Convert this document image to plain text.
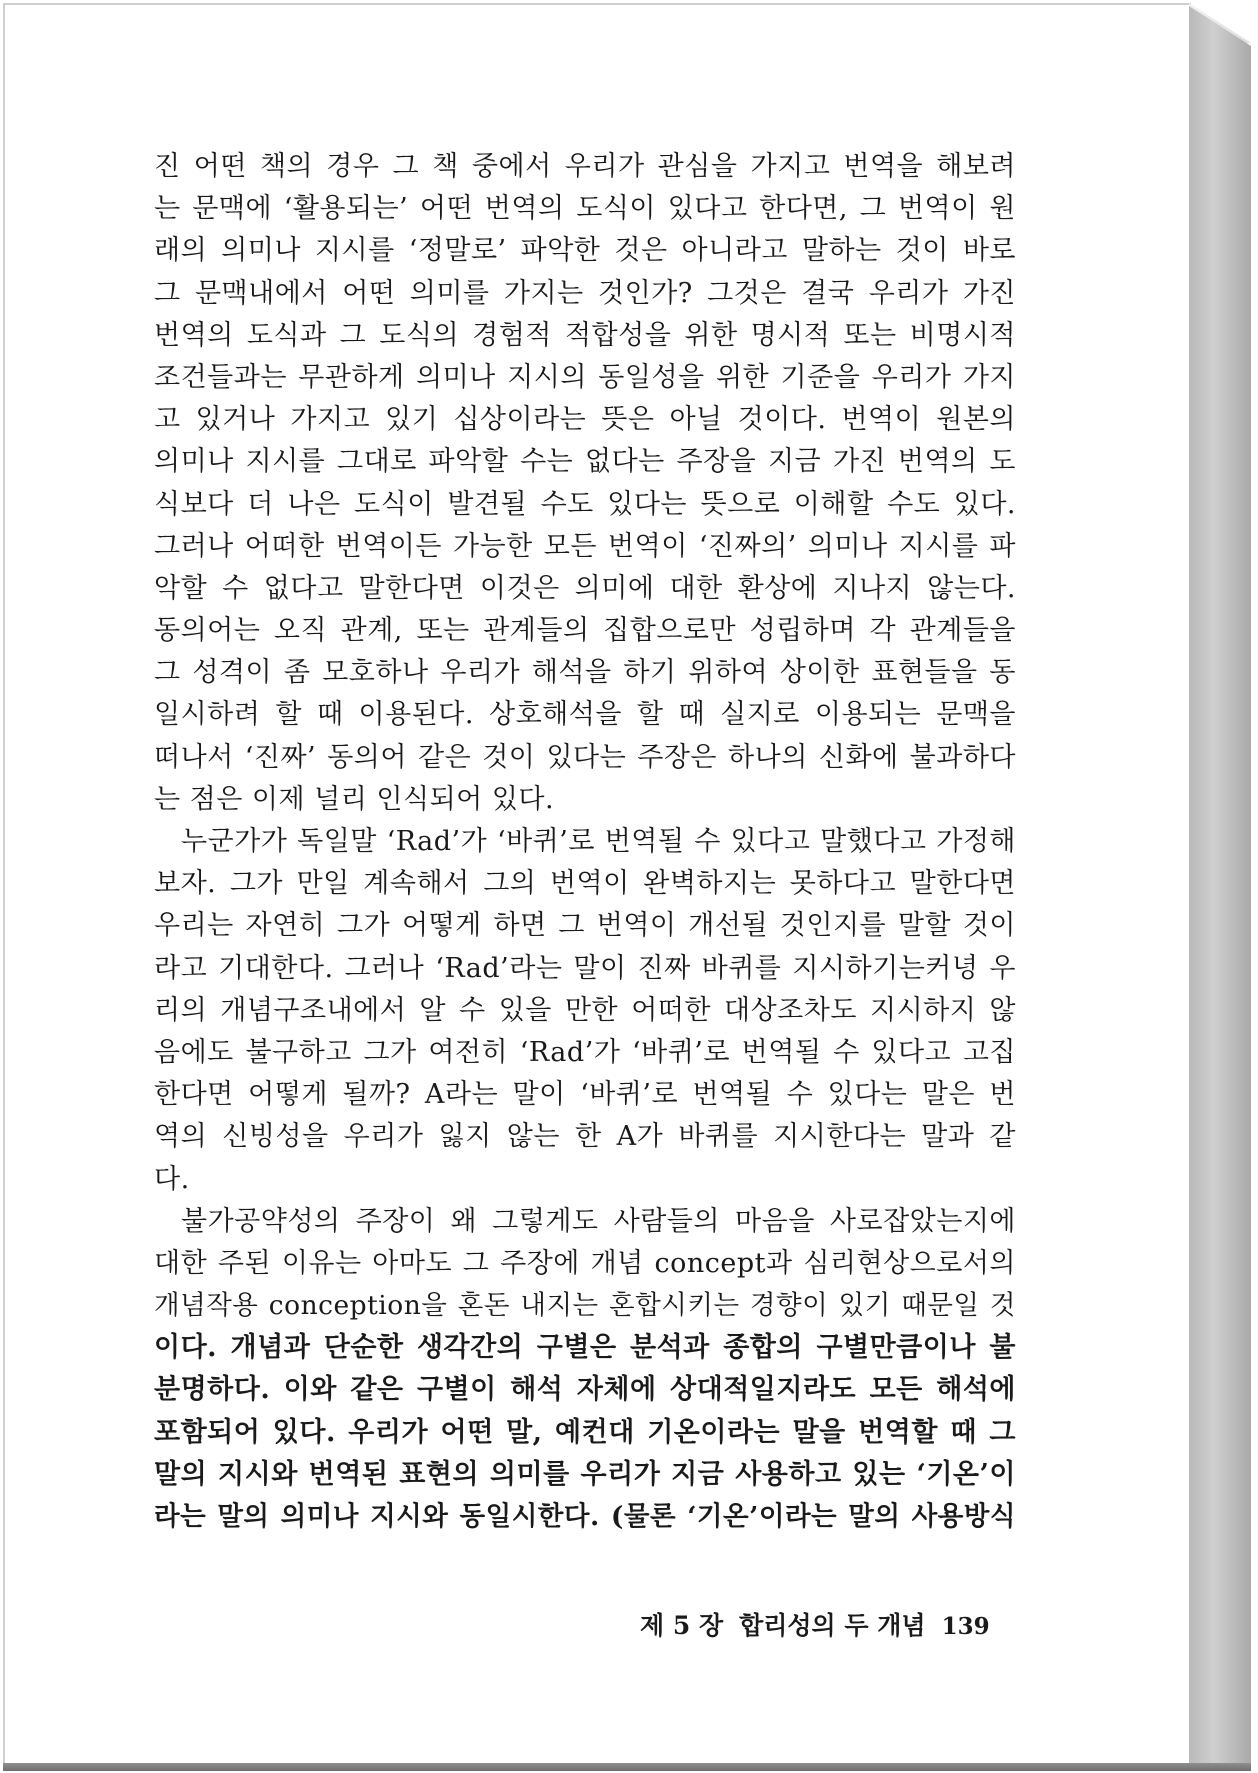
진 어떤 책의 경우 그 책 중에서 우리가 관심을 가지고 번역을 해보려
는 문맥에 ‘활용되는’ 어떤 번역의 도식이 있다고 한다면, 그 번역이 원
래의 의미나 지시를 ‘정말로’ 파악한 것은 아니라고 말하는 것이 바로
그 문맥내에서 어떤 의미를 가지는 것인가? 그것은 결국 우리가 가진
번역의 도식과 그 도식의 경험적 적합성을 위한 명시적 또는 비명시적
조건들과는 무관하게 의미나 지시의 동일성을 위한 기준을 우리가 가지
고 있거나 가지고 있기 십상이라는 뜻은 아닐 것이다. 번역이 원본의
의미나 지시를 그대로 파악할 수는 없다는 주장을 지금 가진 번역의 도
식보다 더 나은 도식이 발견될 수도 있다는 뜻으로 이해할 수도 있다.
그러나 어떠한 번역이든 가능한 모든 번역이 ‘진짜의’ 의미나 지시를 파
악할 수 없다고 말한다면 이것은 의미에 대한 환상에 지나지 않는다.
동의어는 오직 관계, 또는 관계들의 집합으로만 성립하며 각 관계들을
그 성격이 좀 모호하나 우리가 해석을 하기 위하여 상이한 표현들을 동
일시하려 할 때 이용된다. 상호해석을 할 때 실지로 이용되는 문맥을
떠나서 ‘진짜’ 동의어 같은 것이 있다는 주장은 하나의 신화에 불과하다
는 점은 이제 널리 인식되어 있다.
누군가가 독일말 ‘Rad’가 ‘바퀴’로 번역될 수 있다고 말했다고 가정해
보자. 그가 만일 계속해서 그의 번역이 완벽하지는 못하다고 말한다면
우리는 자연히 그가 어떻게 하면 그 번역이 개선될 것인지를 말할 것이
라고 기대한다. 그러나 ‘Rad’라는 말이 진짜 바퀴를 지시하기는커녕 우
리의 개념구조내에서 알 수 있을 만한 어떠한 대상조차도 지시하지 않
음에도 불구하고 그가 여전히 ‘Rad’가 ‘바퀴’로 번역될 수 있다고 고집
한다면 어떻게 될까? A라는 말이 ‘바퀴’로 번역될 수 있다는 말은 번
역의 신빙성을 우리가 잃지 않는 한 A가 바퀴를 지시한다는 말과 같
다.
불가공약성의 주장이 왜 그렇게도 사람들의 마음을 사로잡았는지에
대한 주된 이유는 아마도 그 주장에 개념 concept과 심리현상으로서의
개념작용 conception을 혼돈 내지는 혼합시키는 경향이 있기 때문일 것
이다. 개념과 단순한 생각간의 구별은 분석과 종합의 구별만큼이나 불
분명하다. 이와 같은 구별이 해석 자체에 상대적일지라도 모든 해석에
포함되어 있다. 우리가 어떤 말, 예컨대 기온이라는 말을 번역할 때 그
말의 지시와 번역된 표현의 의미를 우리가 지금 사용하고 있는 ‘기온’이
라는 말의 의미나 지시와 동일시한다. (물론 ‘기온’이라는 말의 사용방식
제 5 장 합리성의 두 개념 139
